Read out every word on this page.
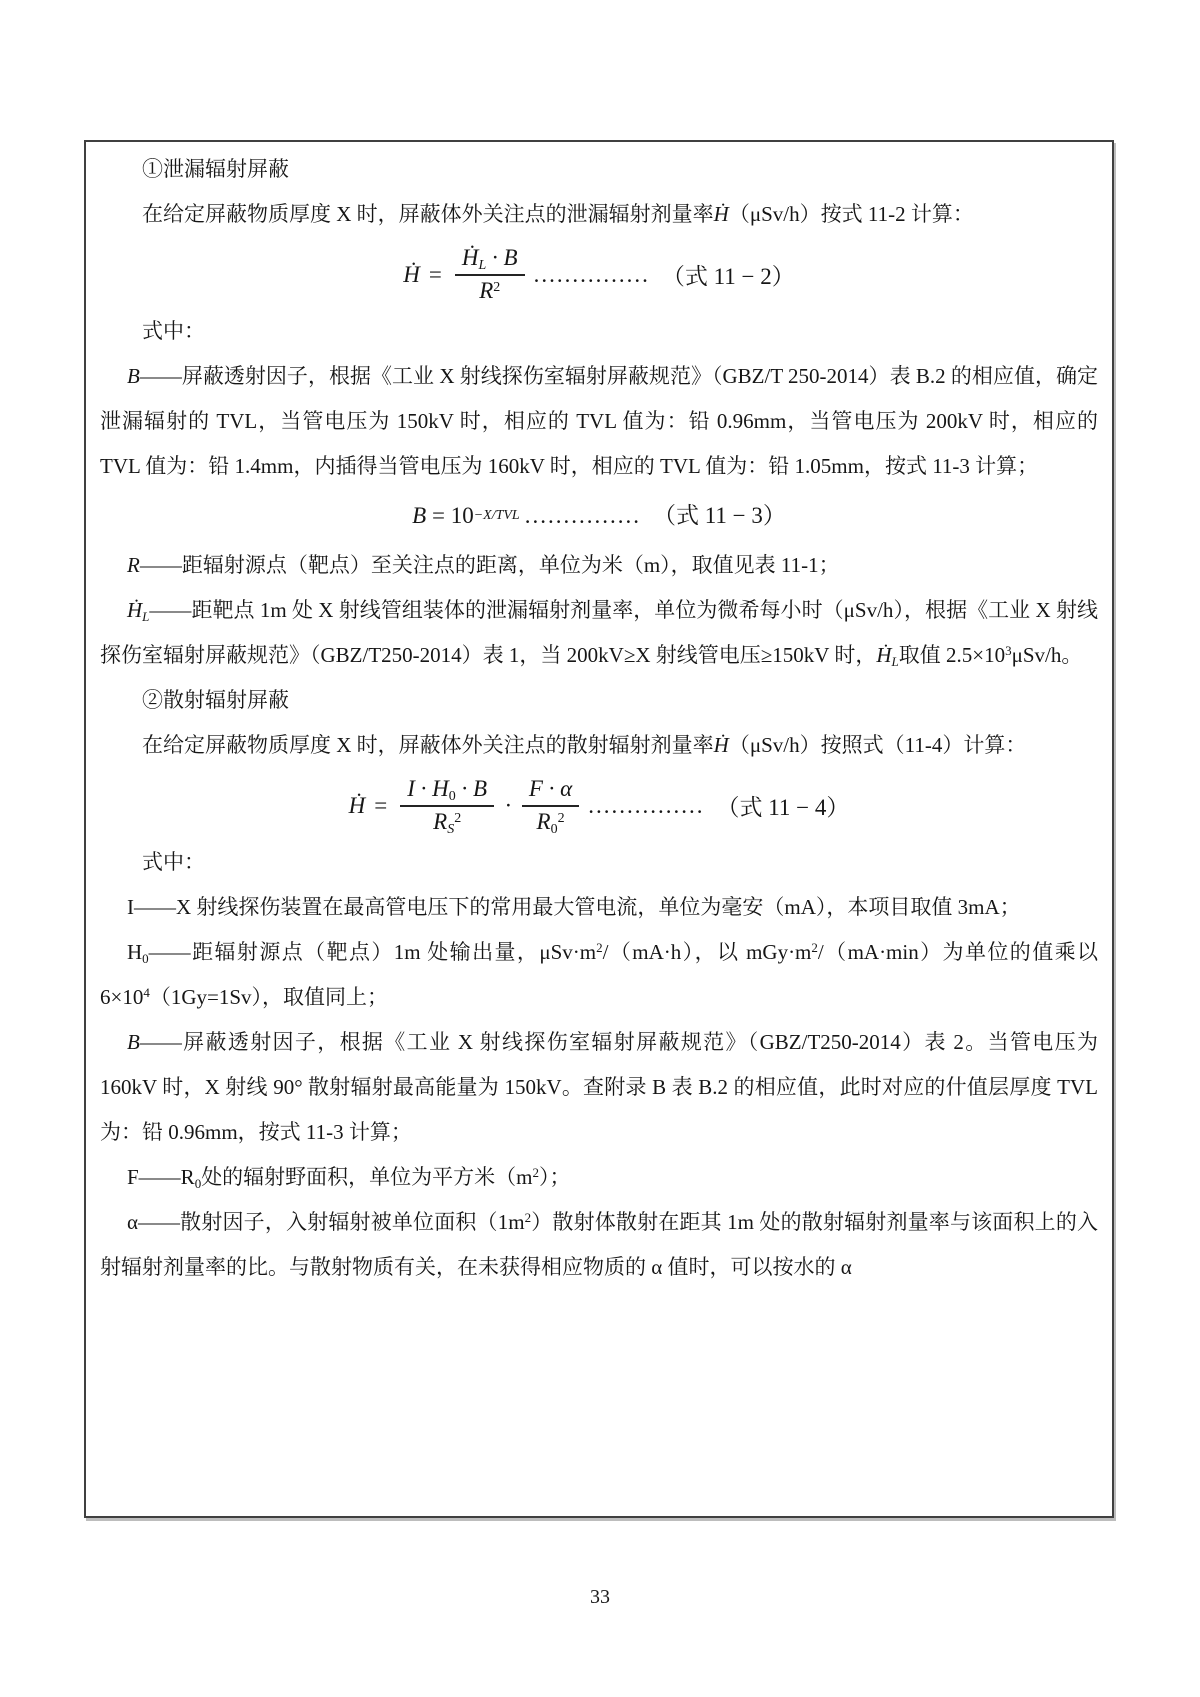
①泄漏辐射屏蔽

在给定屏蔽物质厚度 X 时，屏蔽体外关注点的泄漏辐射剂量率Ḣ（μSv/h）按式 11-2 计算：

Ḣ = $\frac{Ḣ_L \cdot B}{R^2}$ ............... （式 11 − 2）

式中：

B——屏蔽透射因子，根据《工业 X 射线探伤室辐射屏蔽规范》（GBZ/T 250-2014）表 B.2 的相应值，确定泄漏辐射的 TVL，当管电压为 150kV 时，相应的 TVL 值为：铅 0.96mm，当管电压为 200kV 时，相应的 TVL 值为：铅 1.4mm，内插得当管电压为 160kV 时，相应的 TVL 值为：铅 1.05mm，按式 11-3 计算；

B = 10 −X/TVL ............... （式 11 − 3）

R——距辐射源点（靶点）至关注点的距离，单位为米（m），取值见表 11-1；

Ḣ$_L$——距靶点 1m 处 X 射线管组装体的泄漏辐射剂量率，单位为微希每小时（μSv/h），根据《工业 X 射线探伤室辐射屏蔽规范》（GBZ/T250-2014）表 1，当 200kV≥X 射线管电压≥150kV 时，Ḣ$_L$取值 $2.5\times 10^3\mu Sv/h$。

②散射辐射屏蔽

在给定屏蔽物质厚度 X 时，屏蔽体外关注点的散射辐射剂量率Ḣ（μSv/h）按照式（11-4）计算：

Ḣ = $\frac{I \cdot H_0 \cdot B}{R_S^2} \cdot \frac{F \cdot \alpha}{R_0^2}$ ............... （式 11 − 4）

式中：

I——X 射线探伤装置在最高管电压下的常用最大管电流，单位为毫安（mA），本项目取值 3mA；

$H_0——$距辐射源点（靶点）1m 处输出量，$\mu Sv\cdot m^2/(mA\cdot h)$，以 $mGy\cdot m^2/(mA\cdot\min)$为单位的值乘以 $6\times 10^4(1Gy=1Sv)$，取值同上；

B——屏蔽透射因子，根据《工业 X 射线探伤室辐射屏蔽规范》（GBZ/T250-2014）表 2。当管电压为 160kV 时，X 射线 90° 散射辐射最高能量为 150kV。查附录 B 表 B.2 的相应值，此时对应的什值层厚度 TVL 为：铅 0.96mm，按式 11-3 计算；

$F——R_0$处的辐射野面积，单位为平方米$(m^2)$；

α——散射因子，入射辐射被单位面积$(1m^2)$散射体散射在距其 1m 处的散射辐射剂量率与该面积上的入射辐射剂量率的比。与散射物质有关，在未获得相应物质的 α 值时，可以按水的 α

33
